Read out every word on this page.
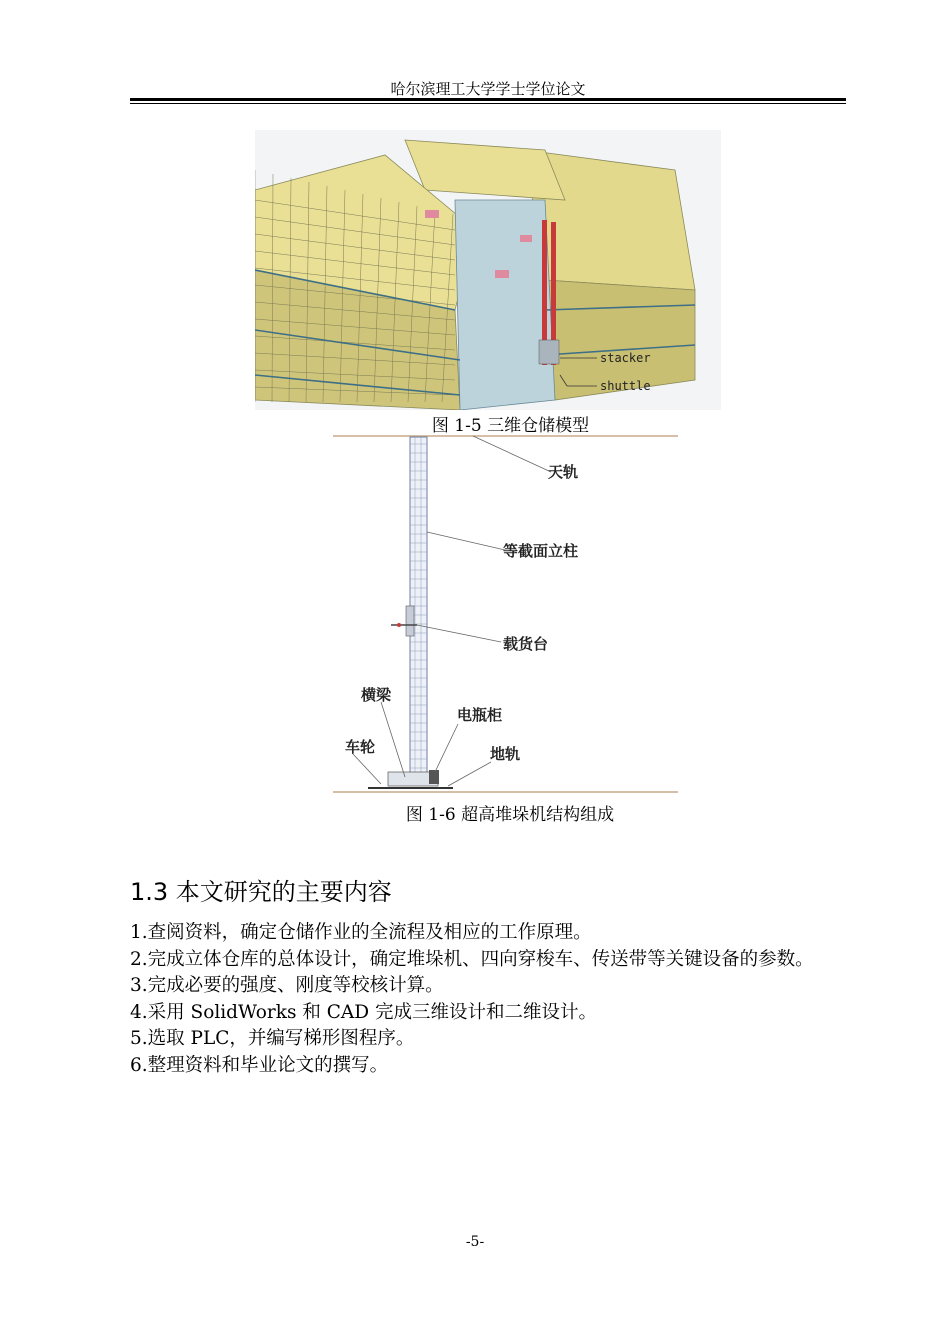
哈尔滨理工大学学士学位论文
stacker
shuttle
图 1-5 三维仓储模型
天轨
等截面立柱
载货台
横梁
电瓶柜
车轮	地轨
图 1-6 超高堆垛机结构组成
1.3 本文研究的主要内容

1.查阅资料，确定仓储作业的全流程及相应的工作原理。

2.完成立体仓库的总体设计，确定堆垛机、四向穿梭车、传送带等关键设备的参数。

3.完成必要的强度、刚度等校核计算。

4.采用 SolidWorks 和 CAD 完成三维设计和二维设计。

5.选取 PLC，并编写梯形图程序。

6.整理资料和毕业论文的撰写。

-5-
